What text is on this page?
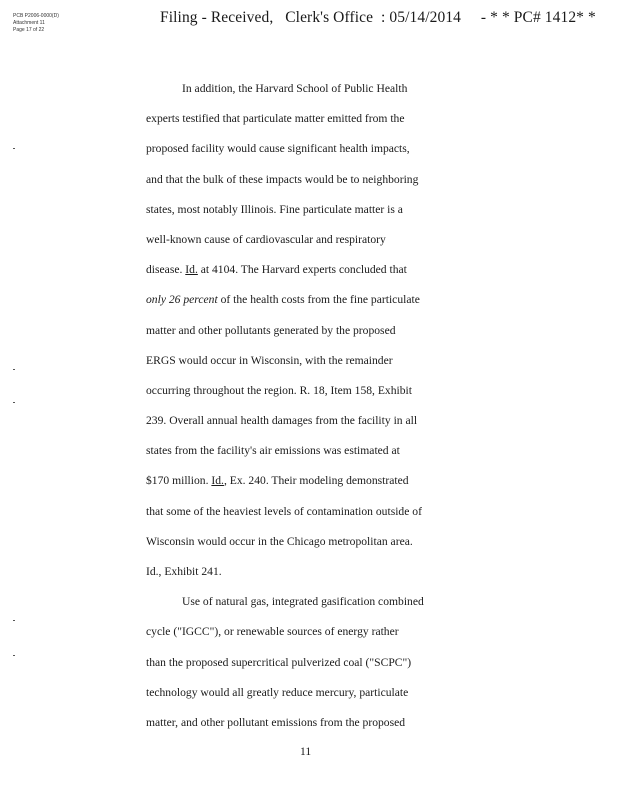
PCB P2006-0000(D)
Attachment 11
Page 17 of 22
Filing - Received, Clerk's Office : 05/14/2014 - * * PC# 1412* *
In addition, the Harvard School of Public Health
experts testified that particulate matter emitted from the
proposed facility would cause significant health impacts,
and that the bulk of these impacts would be to neighboring
states, most notably Illinois. Fine particulate matter is a
well-known cause of cardiovascular and respiratory
disease. Id. at 4104. The Harvard experts concluded that
only 26 percent of the health costs from the fine particulate
matter and other pollutants generated by the proposed
ERGS would occur in Wisconsin, with the remainder
occurring throughout the region. R. 18, Item 158, Exhibit
239. Overall annual health damages from the facility in all
states from the facility's air emissions was estimated at
$170 million. Id., Ex. 240. Their modeling demonstrated
that some of the heaviest levels of contamination outside of
Wisconsin would occur in the Chicago metropolitan area.
Id., Exhibit 241.
Use of natural gas, integrated gasification combined
cycle ("IGCC"), or renewable sources of energy rather
than the proposed supercritical pulverized coal ("SCPC")
technology would all greatly reduce mercury, particulate
matter, and other pollutant emissions from the proposed
11
